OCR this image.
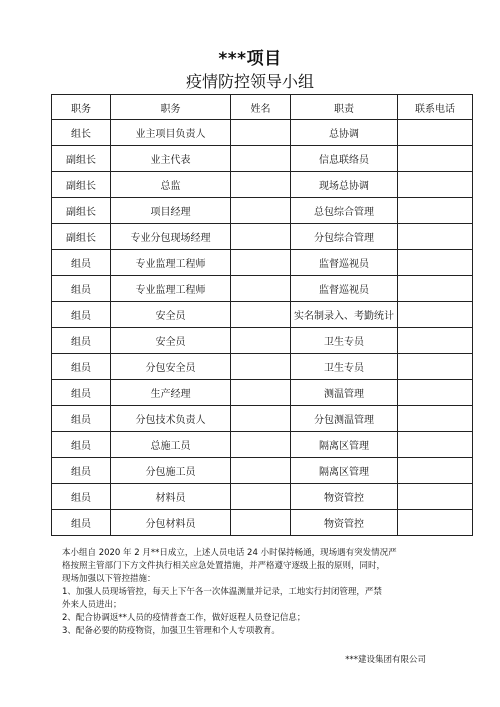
***项目
疫情防控领导小组
职务	职务	姓名	职责	联系电话
组长	业主项目负责人		总协调	
副组长	业主代表		信息联络员	
副组长	总监		现场总协调	
副组长	项目经理		总包综合管理	
副组长	专业分包现场经理		分包综合管理	
组员	专业监理工程师		监督巡视员	
组员	专业监理工程师		监督巡视员	
组员	安全员		实名制录入、考勤统计	
组员	安全员		卫生专员	
组员	分包安全员		卫生专员	
组员	生产经理		测温管理	
组员	分包技术负责人		分包测温管理	
组员	总施工员		隔离区管理	
组员	分包施工员		隔离区管理	
组员	材料员		物资管控	
组员	分包材料员		物资管控	

本小组自 2020 年 2 月**日成立，上述人员电话 24 小时保持畅通，现场遇有突发情况严

格按照主管部门下方文件执行相关应急处置措施，并严格遵守逐级上报的原则，同时，

现场加强以下管控措施：

1、加强人员现场管控，每天上下午各一次体温测量并记录，工地实行封闭管理，严禁

外来人员进出；

2、配合协调返**人员的疫情普查工作，做好返程人员登记信息；

3、配备必要的防疫物资，加强卫生管理和个人专项教育。

***建设集团有限公司
